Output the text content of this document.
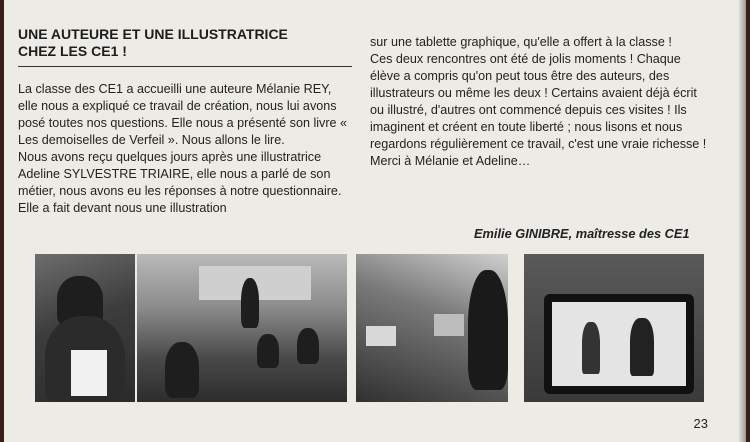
UNE AUTEURE ET UNE ILLUSTRATRICE
CHEZ LES CE1 !

La classe des CE1 a accueilli une auteure Mélanie REY, elle nous a expliqué ce travail de création, nous lui avons posé toutes nos questions. Elle nous a présenté son livre « Les demoiselles de Verfeil ». Nous allons le lire.

Nous avons reçu quelques jours après une illustratrice Adeline SYLVESTRE TRIAIRE, elle nous a parlé de son métier, nous avons eu les réponses à notre questionnaire. Elle a fait devant nous une illustration

sur une tablette graphique, qu'elle a offert à la classe !

Ces deux rencontres ont été de jolis moments ! Chaque élève a compris qu'on peut tous être des auteurs, des illustrateurs ou même les deux ! Certains avaient déjà écrit ou illustré, d'autres ont commencé depuis ces visites ! Ils imaginent et créent en toute liberté ; nous lisons et nous regardons régulièrement ce travail, c'est une vraie richesse ! Merci à Mélanie et Adeline…

Emilie GINIBRE, maîtresse des CE1
23
